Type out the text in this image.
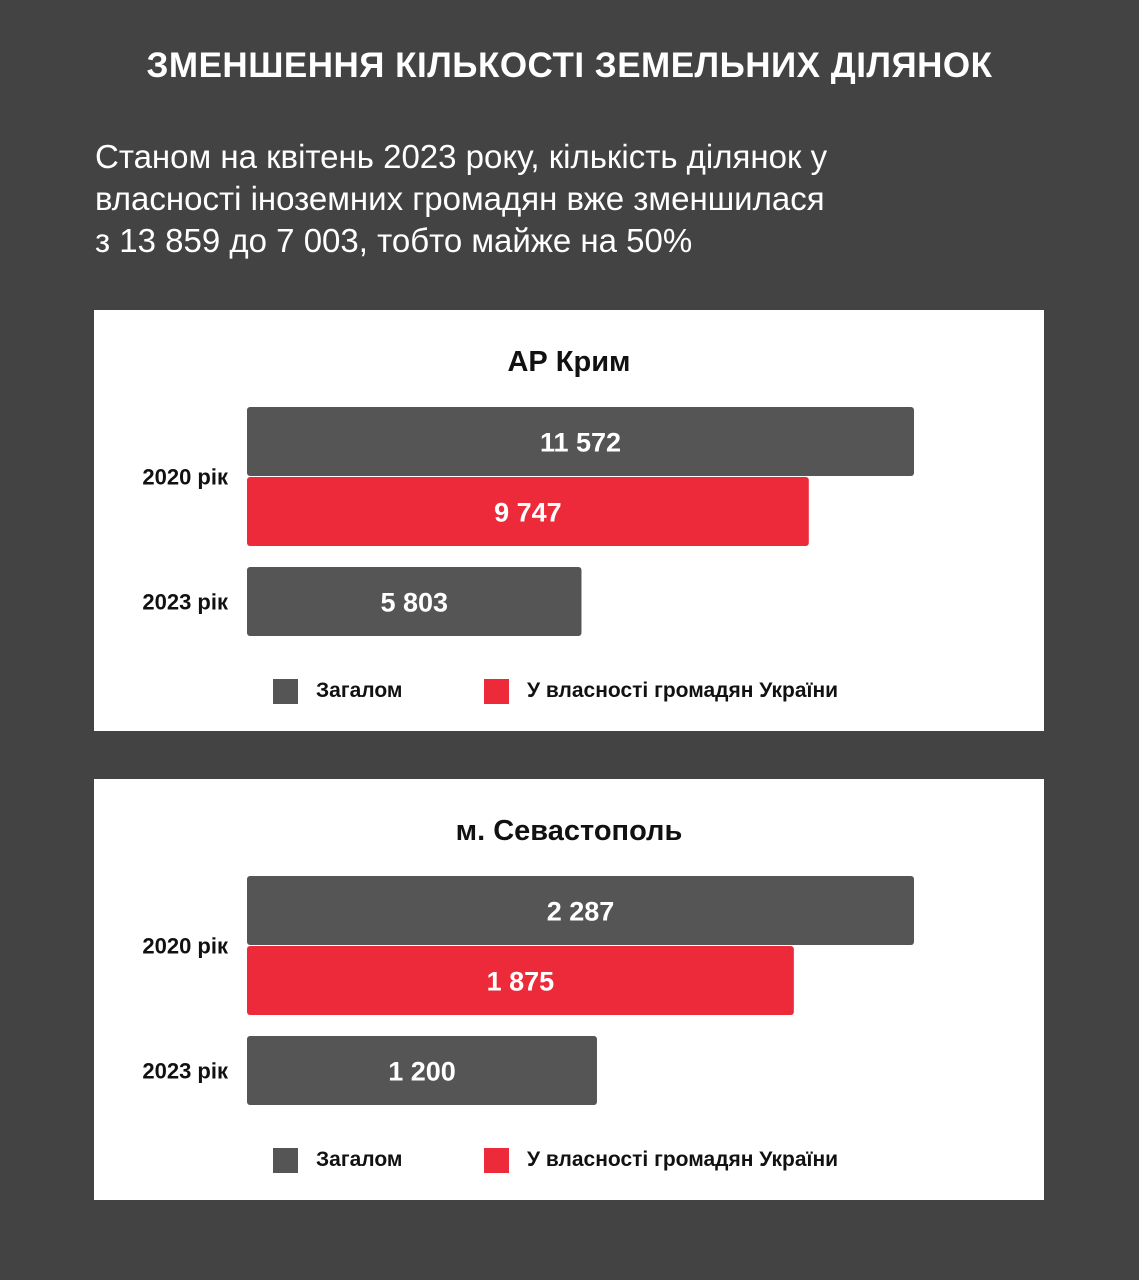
ЗМЕНШЕННЯ КІЛЬКОСТІ ЗЕМЕЛЬНИХ ДІЛЯНОК
Станом на квітень 2023 року, кількість ділянок у
власності іноземних громадян вже зменшилася
з 13 859 до 7 003, тобто майже на 50%
11 572
9 747
2020 рік
5 803
2023 рік
АР Крим
Загалом	У власності громадян України
2 287
1 875
2020 рік
1 200
2023 рік
м. Севастополь
Загалом	У власності громадян України
